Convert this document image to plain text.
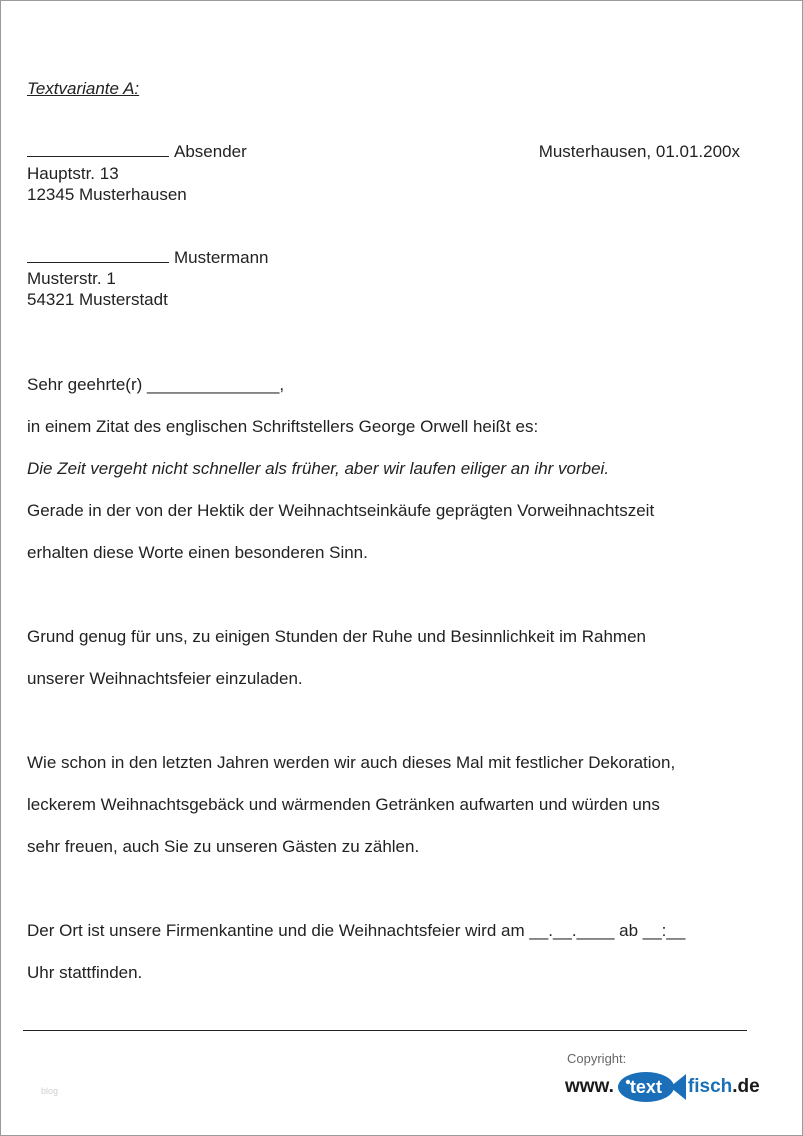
Textvariante A:
Absender	Musterhausen, 01.01.200x
Hauptstr. 13
12345 Musterhausen
Mustermann
Musterstr. 1
54321 Musterstadt
Sehr geehrte(r) ______________,
in einem Zitat des englischen Schriftstellers George Orwell heißt es:
Die Zeit vergeht nicht schneller als früher, aber wir laufen eiliger an ihr vorbei.
Gerade in der von der Hektik der Weihnachtseinkäufe geprägten Vorweihnachtszeit
erhalten diese Worte einen besonderen Sinn.
Grund genug für uns, zu einigen Stunden der Ruhe und Besinnlichkeit im Rahmen
unserer Weihnachtsfeier einzuladen.
Wie schon in den letzten Jahren werden wir auch dieses Mal mit festlicher Dekoration,
leckerem Weihnachtsgebäck und wärmenden Getränken aufwarten und würden uns
sehr freuen, auch Sie zu unseren Gästen zu zählen.
Der Ort ist unsere Firmenkantine und die Weihnachtsfeier wird am __.__.____ ab __:__
Uhr stattfinden.
Copyright:
www. text fisch .de
blog
